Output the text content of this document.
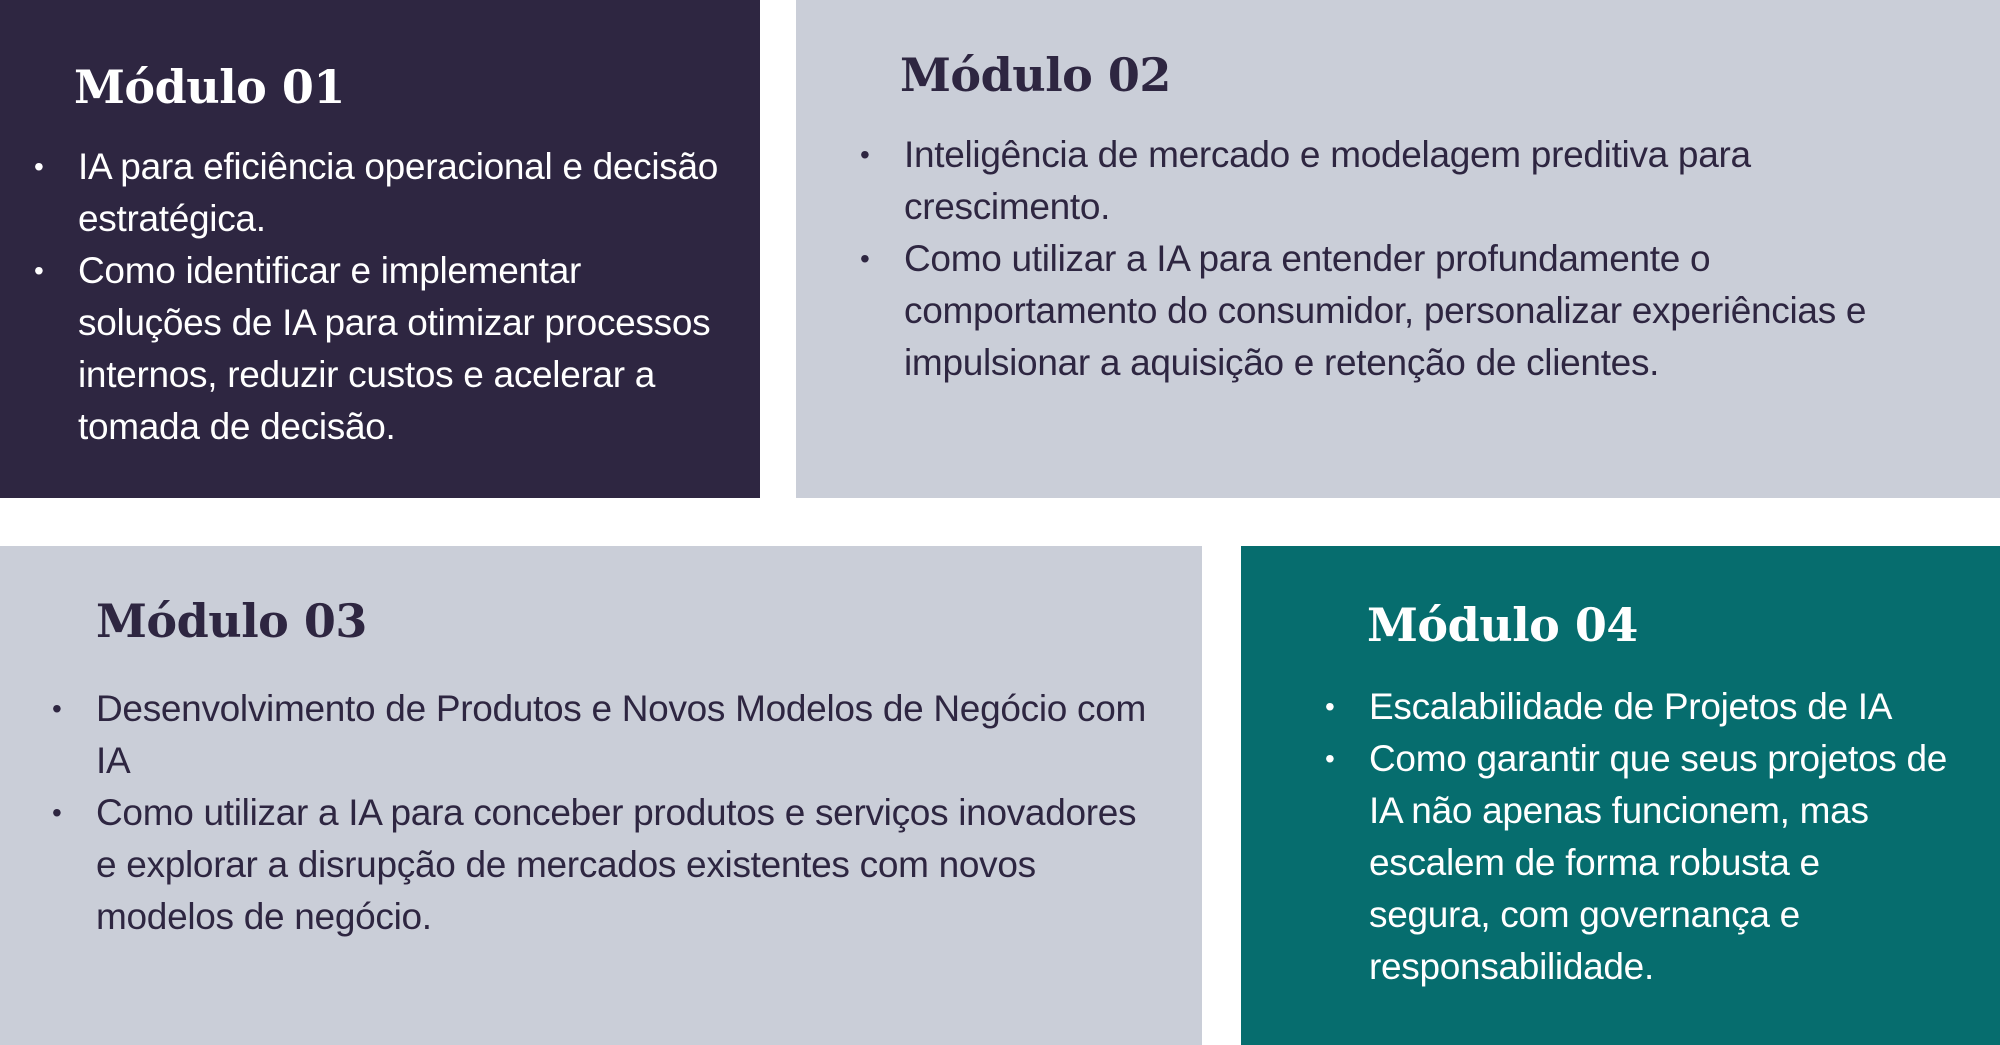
Módulo 01
• IA para eficiência operacional e decisão estratégica.
• Como identificar e implementar soluções de IA para otimizar processos internos, reduzir custos e acelerar a tomada de decisão.
Módulo 02
• Inteligência de mercado e modelagem preditiva para crescimento.
• Como utilizar a IA para entender profundamente o comportamento do consumidor, personalizar experiências e impulsionar a aquisição e retenção de clientes.
Módulo 03
• Desenvolvimento de Produtos e Novos Modelos de Negócio com IA
• Como utilizar a IA para conceber produtos e serviços inovadores e explorar a disrupção de mercados existentes com novos modelos de negócio.
Módulo 04
• Escalabilidade de Projetos de IA
• Como garantir que seus projetos de IA não apenas funcionem, mas escalem de forma robusta e segura, com governança e responsabilidade.
